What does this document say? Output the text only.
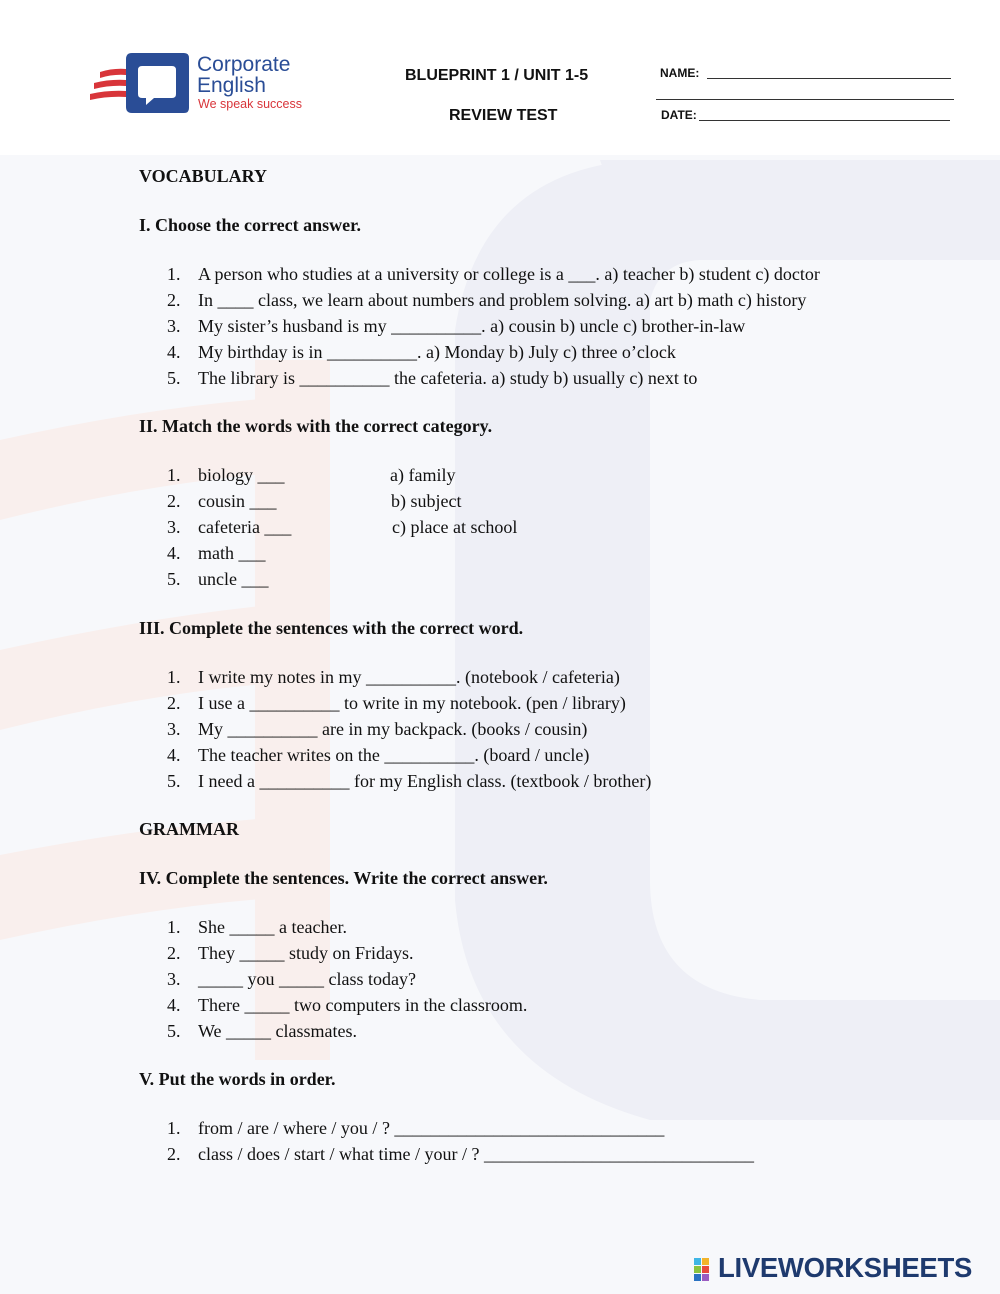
Corporate
English
We speak success
BLUEPRINT 1 / UNIT 1-5
REVIEW TEST
NAME:
DATE:
VOCABULARY
I. Choose the correct answer.
1. A person who studies at a university or college is a ___. a) teacher b) student c) doctor
2. In ____ class, we learn about numbers and problem solving. a) art b) math c) history
3. My sister’s husband is my __________. a) cousin b) uncle c) brother-in-law
4. My birthday is in __________. a) Monday b) July c) three o’clock
5. The library is __________ the cafeteria. a) study b) usually c) next to
II. Match the words with the correct category.
1. biology ___
2. cousin ___
3. cafeteria ___
4. math ___
5. uncle ___
a) family
b) subject
c) place at school
III. Complete the sentences with the correct word.
1. I write my notes in my __________. (notebook / cafeteria)
2. I use a __________ to write in my notebook. (pen / library)
3. My __________ are in my backpack. (books / cousin)
4. The teacher writes on the __________. (board / uncle)
5. I need a __________ for my English class. (textbook / brother)
GRAMMAR
IV. Complete the sentences. Write the correct answer.
1. She _____ a teacher.
2. They _____ study on Fridays.
3. _____ you _____ class today?
4. There _____ two computers in the classroom.
5. We _____ classmates.
V. Put the words in order.
1. from / are / where / you / ? ______________________________
2. class / does / start / what time / your / ? ______________________________
LIVEWORKSHEETS
